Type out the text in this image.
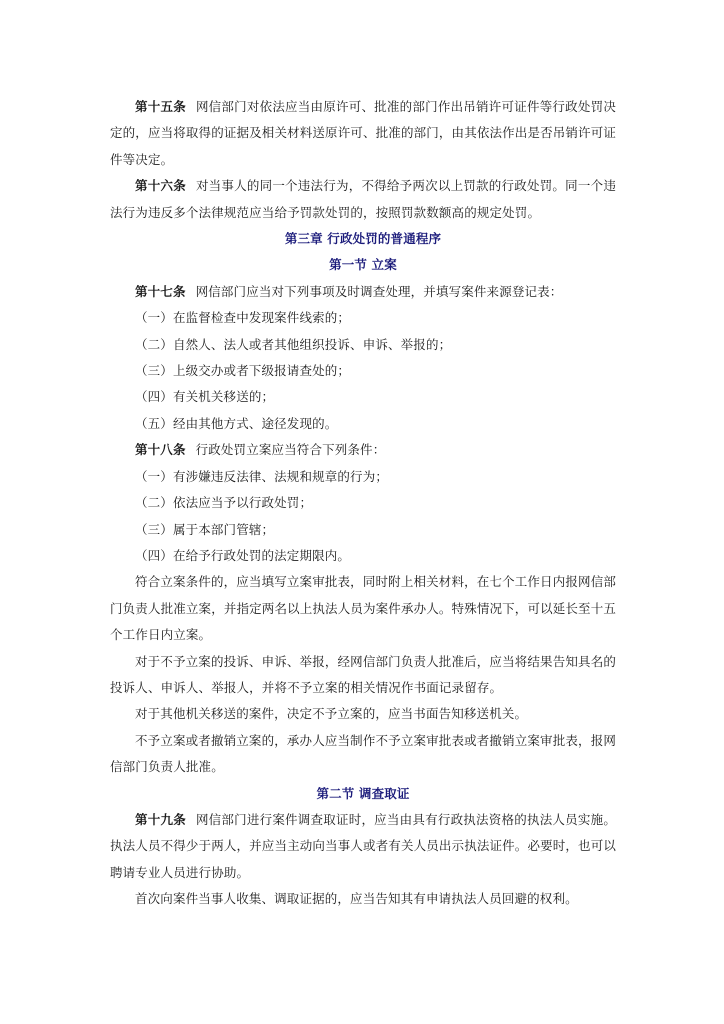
第十五条 网信部门对依法应当由原许可、批准的部门作出吊销许可证件等行政处罚决定的，应当将取得的证据及相关材料送原许可、批准的部门，由其依法作出是否吊销许可证件等决定。

第十六条 对当事人的同一个违法行为，不得给予两次以上罚款的行政处罚。同一个违法行为违反多个法律规范应当给予罚款处罚的，按照罚款数额高的规定处罚。

第三章 行政处罚的普通程序

第一节 立案

第十七条 网信部门应当对下列事项及时调查处理，并填写案件来源登记表：

（一）在监督检查中发现案件线索的；

（二）自然人、法人或者其他组织投诉、申诉、举报的；

（三）上级交办或者下级报请查处的；

（四）有关机关移送的；

（五）经由其他方式、途径发现的。

第十八条 行政处罚立案应当符合下列条件：

（一）有涉嫌违反法律、法规和规章的行为；

（二）依法应当予以行政处罚；

（三）属于本部门管辖；

（四）在给予行政处罚的法定期限内。

符合立案条件的，应当填写立案审批表，同时附上相关材料，在七个工作日内报网信部门负责人批准立案，并指定两名以上执法人员为案件承办人。特殊情况下，可以延长至十五个工作日内立案。

对于不予立案的投诉、申诉、举报，经网信部门负责人批准后，应当将结果告知具名的投诉人、申诉人、举报人，并将不予立案的相关情况作书面记录留存。

对于其他机关移送的案件，决定不予立案的，应当书面告知移送机关。

不予立案或者撤销立案的，承办人应当制作不予立案审批表或者撤销立案审批表，报网信部门负责人批准。

第二节 调查取证

第十九条 网信部门进行案件调查取证时，应当由具有行政执法资格的执法人员实施。执法人员不得少于两人，并应当主动向当事人或者有关人员出示执法证件。必要时，也可以聘请专业人员进行协助。

首次向案件当事人收集、调取证据的，应当告知其有申请执法人员回避的权利。
